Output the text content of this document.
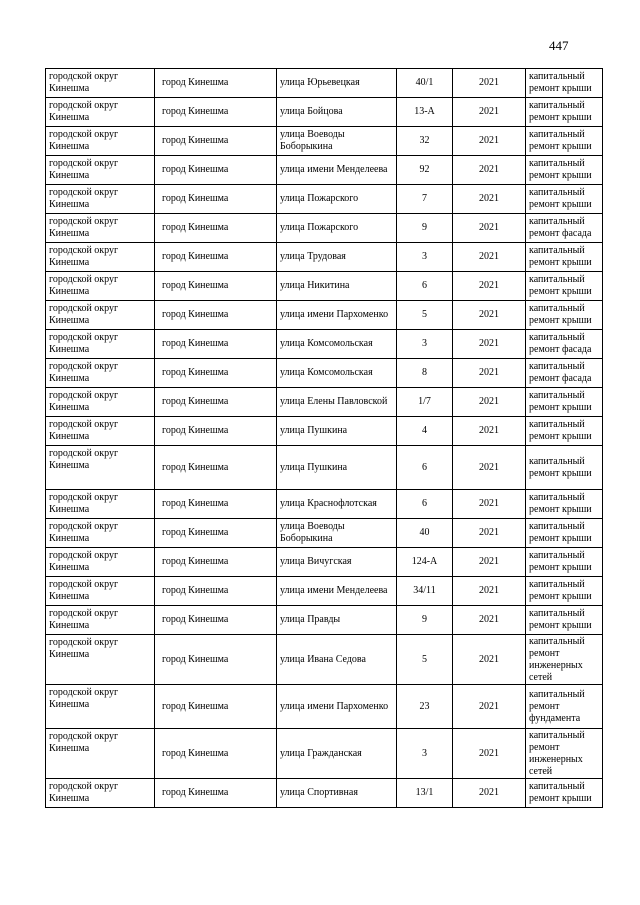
447
городской округ Кинешма	город Кинешма	улица Юрьевецкая	40/1	2021	капитальный ремонт крыши
городской округ Кинешма	город Кинешма	улица Бойцова	13-А	2021	капитальный ремонт крыши
городской округ Кинешма	город Кинешма	улица Воеводы Боборыкина	32	2021	капитальный ремонт крыши
городской округ Кинешма	город Кинешма	улица имени Менделеева	92	2021	капитальный ремонт крыши
городской округ Кинешма	город Кинешма	улица Пожарского	7	2021	капитальный ремонт крыши
городской округ Кинешма	город Кинешма	улица Пожарского	9	2021	капитальный ремонт фасада
городской округ Кинешма	город Кинешма	улица Трудовая	3	2021	капитальный ремонт крыши
городской округ Кинешма	город Кинешма	улица Никитина	6	2021	капитальный ремонт крыши
городской округ Кинешма	город Кинешма	улица имени Пархоменко	5	2021	капитальный ремонт крыши
городской округ Кинешма	город Кинешма	улица Комсомольская	3	2021	капитальный ремонт фасада
городской округ Кинешма	город Кинешма	улица Комсомольская	8	2021	капитальный ремонт фасада
городской округ Кинешма	город Кинешма	улица Елены Павловской	1/7	2021	капитальный ремонт крыши
городской округ Кинешма	город Кинешма	улица Пушкина	4	2021	капитальный ремонт крыши
городской округ Кинешма	город Кинешма	улица Пушкина	6	2021	капитальный ремонт крыши
городской округ Кинешма	город Кинешма	улица Краснофлотская	6	2021	капитальный ремонт крыши
городской округ Кинешма	город Кинешма	улица Воеводы Боборыкина	40	2021	капитальный ремонт крыши
городской округ Кинешма	город Кинешма	улица Вичугская	124-А	2021	капитальный ремонт крыши
городской округ Кинешма	город Кинешма	улица имени Менделеева	34/11	2021	капитальный ремонт крыши
городской округ Кинешма	город Кинешма	улица Правды	9	2021	капитальный ремонт крыши
городской округ Кинешма	город Кинешма	улица Ивана Седова	5	2021	капитальный ремонт инженерных сетей
городской округ Кинешма	город Кинешма	улица имени Пархоменко	23	2021	капитальный ремонт фундамента
городской округ Кинешма	город Кинешма	улица Гражданская	3	2021	капитальный ремонт инженерных сетей
городской округ Кинешма	город Кинешма	улица Спортивная	13/1	2021	капитальный ремонт крыши
